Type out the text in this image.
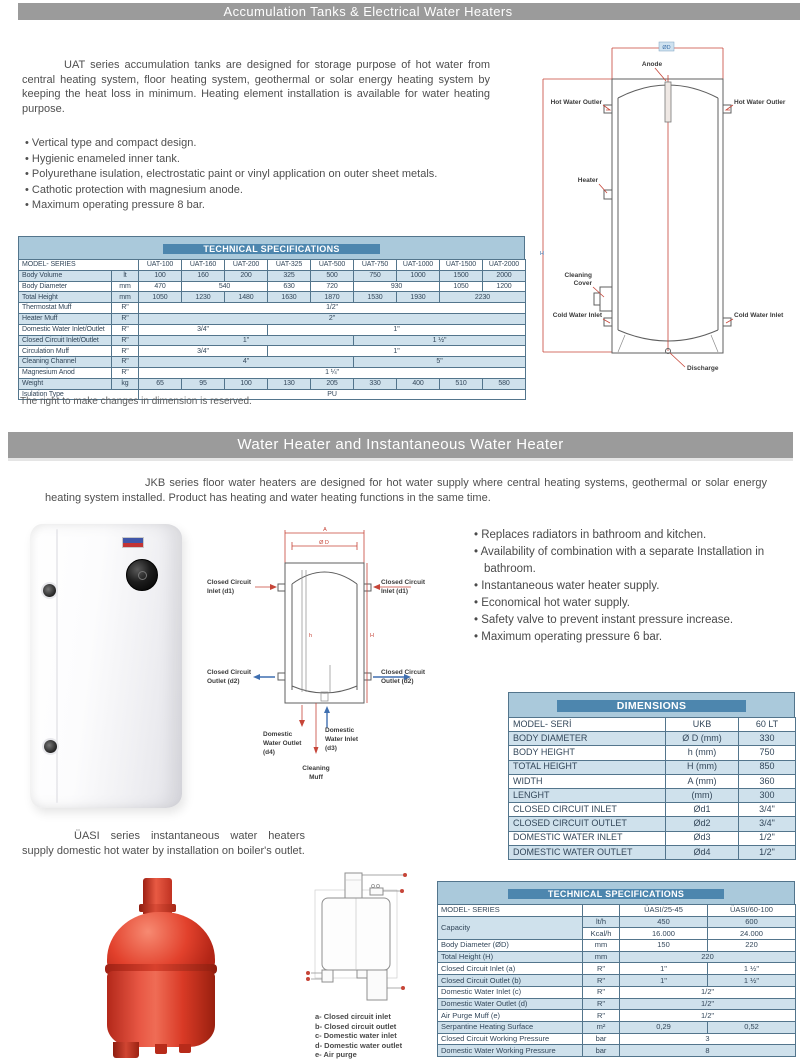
Accumulation Tanks & Electrical Water Heaters

UAT series accumulation tanks are designed for storage purpose of hot water from central heating system, floor heating system, geothermal or solar energy heating system by keeping the heat loss in minimum. Heating element installation is available for water heating purpose.

• Vertical type and compact design.
• Hygienic enameled inner tank.
• Polyurethane isulation, electrostatic paint or vinyl application on outer sheet metals.
• Cathotic protection with magnesium anode.
• Maximum operating pressure 8 bar.
TECHNICAL SPECIFICATIONS
MODEL- SERIES		ÜAT-100	ÜAT-160	ÜAT-200	ÜAT-325	ÜAT-500	ÜAT-750	ÜAT-1000	ÜAT-1500	ÜAT-2000
Body Volume	lt	100	160	200	325	500	750	1000	1500	2000
Body Diameter	mm	470	540		630	720	930		1050	1200
Total Height	mm	1050	1230	1480	1630	1870	1530	1930	2230	
Thermostat Muff	R"	1/2"								
Heater Muff	R"	2"								
Domestic Water Inlet/Outlet	R"	3/4"			1"					
Closed Circuit Inlet/Outlet	R"	1"					1 ½"			
Circulation Muff	R"	3/4"			1"					
Cleaning Channel	R"	4"					5"			
Magnesium Anod	R"	1 ¼"								
Weight	kg	65	95	100	130	205	330	400	510	580
Isulation Type		PU								
The right to make changes in dimension is reserved.
ØD
H
Anode
Hot Water Outler	Hot Water Outler
Heater
Cleaning
Cover
Cold Water Inlet	Cold Water Inlet
Discharge
Water Heater and Instantaneous Water Heater

JKB series floor water heaters are designed for hot water supply where central heating systems, geothermal or solar energy heating system installed. Product has heating and water heating functions in the same time.

A
Ø D
H
h
Closed Circuit
Inlet (d1)
Closed Circuit
Inlet (d1)
Closed Circuit
Outlet (d2)
Closed Circuit
Outlet (d2)
Domestic
Water Outlet
(d4)
Domestic
Water Inlet
(d3)
Cleaning
Muff
• Replaces radiators in bathroom and kitchen.
• Availability of combination with a separate Installation in bathroom.
• Instantaneous water heater supply.
• Economical hot water supply.
• Safety valve to prevent instant pressure increase.
• Maximum operating pressure 6 bar.
DIMENSIONS
MODEL- SERİ	UKB	60 LT
BODY DIAMETER	Ø D (mm)	330
BODY HEIGHT	h (mm)	750
TOTAL HEIGHT	H (mm)	850
WIDTH	A (mm)	360
LENGHT	(mm)	300
CLOSED CIRCUIT INLET	Ød1	3/4"
CLOSED CIRCUIT OUTLET	Ød2	3/4"
DOMESTIC WATER INLET	Ød3	1/2"
DOMESTIC WATER OUTLET	Ød4	1/2"

ÜASI series instantaneous water heaters supply domestic hot water by installation on boiler's outlet.

a- Closed circuit inlet
b- Closed circuit outlet
c- Domestic water inlet
d- Domestic water outlet
e- Air purge
TECHNICAL SPECIFICATIONS
MODEL- SERIES		ÜASI/25-45	ÜASI/60-100
Capacity	lt/h	450	600
	Kcal/h	16.000	24.000
Body Diameter (ØD)	mm	150	220
Total Height (H)	mm	220	
Closed Circuit Inlet (a)	R"	1"	1 ½"
Closed Circuit Outlet (b)	R"	1"	1 ½"
Domestic Water Inlet (c)	R"	1/2"	
Domestic Water Outlet (d)	R"	1/2"	
Air Purge Muff (e)	R"	1/2"	
Serpantine Heating Surface	m²	0,29	0,52
Closed Circuit Working Pressure	bar	3	
Domestic Water Working Pressure	bar	8	
